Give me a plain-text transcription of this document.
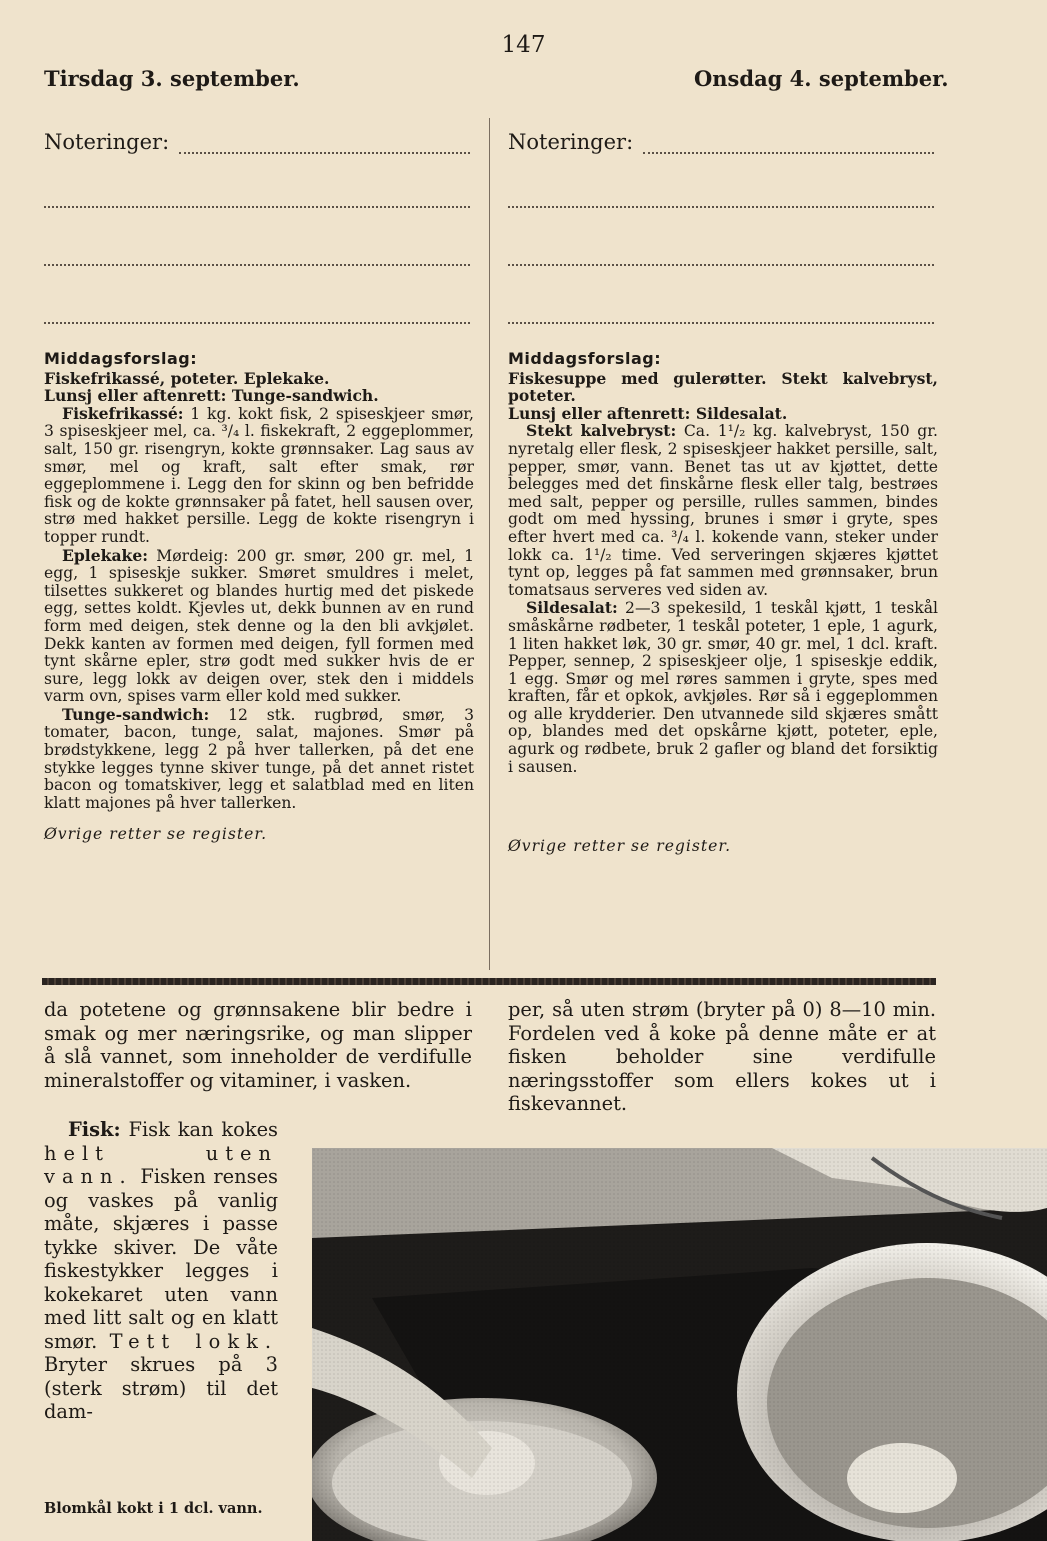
147
Tirsdag 3. september.
Noteringer:
Onsdag 4. september.
Noteringer:
Middagsforslag:

Fiskefrikassé, poteter. Eplekake.

Lunsj eller aftenrett: Tunge-sandwich.

Fiskefrikassé: 1 kg. kokt fisk, 2 spiseskjeer smør, 3 spiseskjeer mel, ca. ³/₄ l. fiskekraft, 2 eggeplommer, salt, 150 gr. risengryn, kokte grønnsaker. Lag saus av smør, mel og kraft, salt efter smak, rør eggeplommene i. Legg den for skinn og ben befridde fisk og de kokte grønnsaker på fatet, hell sausen over, strø med hakket persille. Legg de kokte risengryn i topper rundt.

Eplekake: Mørdeig: 200 gr. smør, 200 gr. mel, 1 egg, 1 spiseskje sukker. Smøret smuldres i melet, tilsettes sukkeret og blandes hurtig med det piskede egg, settes koldt. Kjevles ut, dekk bunnen av en rund form med deigen, stek denne og la den bli avkjølet. Dekk kanten av formen med deigen, fyll formen med tynt skårne epler, strø godt med sukker hvis de er sure, legg lokk av deigen over, stek den i middels varm ovn, spises varm eller kold med sukker.

Tunge-sandwich: 12 stk. rugbrød, smør, 3 tomater, bacon, tunge, salat, majones. Smør på brødstykkene, legg 2 på hver tallerken, på det ene stykke legges tynne skiver tunge, på det annet ristet bacon og tomatskiver, legg et salatblad med en liten klatt majones på hver tallerken.

Øvrige retter se register.

Middagsforslag:

Fiskesuppe med gulerøtter. Stekt kalvebryst, poteter.

Lunsj eller aftenrett: Sildesalat.

Stekt kalvebryst: Ca. 1¹/₂ kg. kalvebryst, 150 gr. nyretalg eller flesk, 2 spiseskjeer hakket persille, salt, pepper, smør, vann. Benet tas ut av kjøttet, dette belegges med det finskårne flesk eller talg, bestrøes med salt, pepper og persille, rulles sammen, bindes godt om med hyssing, brunes i smør i gryte, spes efter hvert med ca. ³/₄ l. kokende vann, steker under lokk ca. 1¹/₂ time. Ved serveringen skjæres kjøttet tynt op, legges på fat sammen med grønnsaker, brun tomatsaus serveres ved siden av.

Sildesalat: 2—3 spekesild, 1 teskål kjøtt, 1 teskål småskårne rødbeter, 1 teskål poteter, 1 eple, 1 agurk, 1 liten hakket løk, 30 gr. smør, 40 gr. mel, 1 dcl. kraft. Pepper, sennep, 2 spiseskjeer olje, 1 spiseskje eddik, 1 egg. Smør og mel røres sammen i gryte, spes med kraften, får et opkok, avkjøles. Rør så i eggeplommen og alle krydderier. Den utvannede sild skjæres smått op, blandes med det opskårne kjøtt, poteter, eple, agurk og rødbete, bruk 2 gafler og bland det forsiktig i sausen.

Øvrige retter se register.

da potetene og grønnsakene blir bedre i smak og mer næringsrike, og man slipper å slå vannet, som inneholder de verdifulle mineralstoffer og vitaminer, i vasken.

Fisk: Fisk kan kokes helt uten vann. Fisken renses og vaskes på vanlig måte, skjæres i passe tykke skiver. De våte fiskestykker legges i kokekaret uten vann med litt salt og en klatt smør. Tett lokk. Bryter skrues på 3 (sterk strøm) til det dam-

per, så uten strøm (bryter på 0) 8—10 min. Fordelen ved å koke på denne måte er at fisken beholder sine verdifulle næringsstoffer som ellers kokes ut i fiskevannet.

Blomkål kokt i 1 dcl. vann.
